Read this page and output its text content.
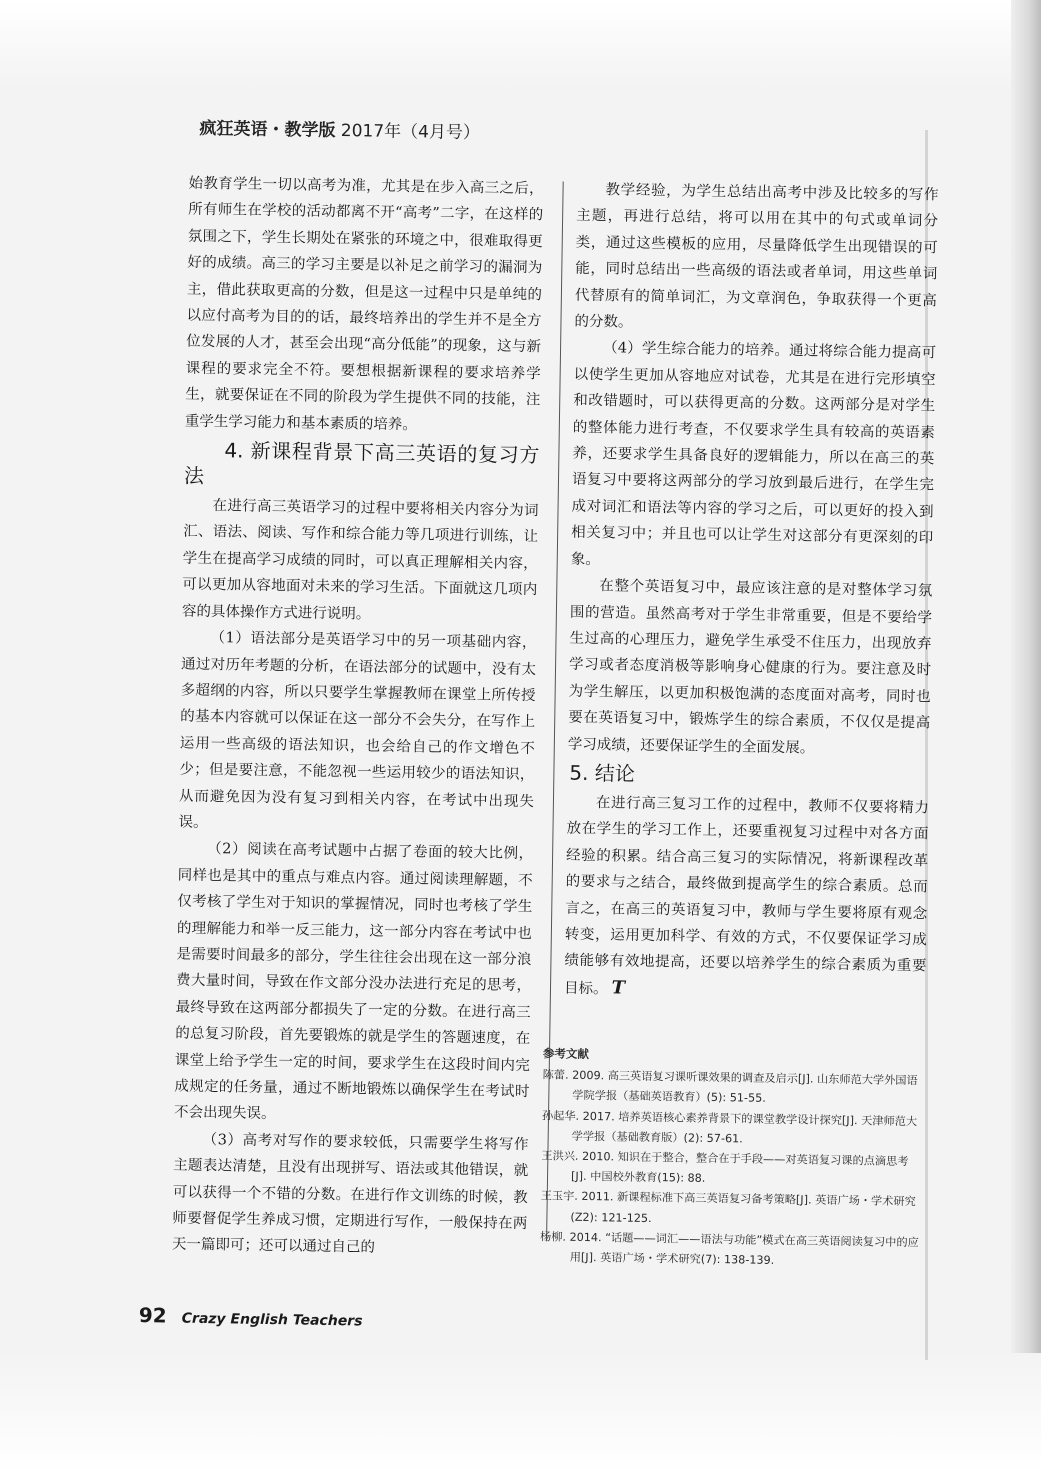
疯狂英语・教学版 2017年（4月号）

始教育学生一切以高考为准，尤其是在步入高三之后，所有师生在学校的活动都离不开“高考”二字，在这样的氛围之下，学生长期处在紧张的环境之中，很难取得更好的成绩。高三的学习主要是以补足之前学习的漏洞为主，借此获取更高的分数，但是这一过程中只是单纯的以应付高考为目的的话，最终培养出的学生并不是全方位发展的人才，甚至会出现“高分低能”的现象，这与新课程的要求完全不符。要想根据新课程的要求培养学生，就要保证在不同的阶段为学生提供不同的技能，注重学生学习能力和基本素质的培养。

4. 新课程背景下高三英语的复习方法

在进行高三英语学习的过程中要将相关内容分为词汇、语法、阅读、写作和综合能力等几项进行训练，让学生在提高学习成绩的同时，可以真正理解相关内容，可以更加从容地面对未来的学习生活。下面就这几项内容的具体操作方式进行说明。

（1）语法部分是英语学习中的另一项基础内容，通过对历年考题的分析，在语法部分的试题中，没有太多超纲的内容，所以只要学生掌握教师在课堂上所传授的基本内容就可以保证在这一部分不会失分，在写作上运用一些高级的语法知识，也会给自己的作文增色不少；但是要注意，不能忽视一些运用较少的语法知识，从而避免因为没有复习到相关内容，在考试中出现失误。

（2）阅读在高考试题中占据了卷面的较大比例，同样也是其中的重点与难点内容。通过阅读理解题，不仅考核了学生对于知识的掌握情况，同时也考核了学生的理解能力和举一反三能力，这一部分内容在考试中也是需要时间最多的部分，学生往往会出现在这一部分浪费大量时间，导致在作文部分没办法进行充足的思考，最终导致在这两部分都损失了一定的分数。在进行高三的总复习阶段，首先要锻炼的就是学生的答题速度，在课堂上给予学生一定的时间，要求学生在这段时间内完成规定的任务量，通过不断地锻炼以确保学生在考试时不会出现失误。

（3）高考对写作的要求较低，只需要学生将写作主题表达清楚，且没有出现拼写、语法或其他错误，就可以获得一个不错的分数。在进行作文训练的时候，教师要督促学生养成习惯，定期进行写作，一般保持在两天一篇即可；还可以通过自己的

教学经验，为学生总结出高考中涉及比较多的写作主题，再进行总结，将可以用在其中的句式或单词分类，通过这些模板的应用，尽量降低学生出现错误的可能，同时总结出一些高级的语法或者单词，用这些单词代替原有的简单词汇，为文章润色，争取获得一个更高的分数。

（4）学生综合能力的培养。通过将综合能力提高可以使学生更加从容地应对试卷，尤其是在进行完形填空和改错题时，可以获得更高的分数。这两部分是对学生的整体能力进行考查，不仅要求学生具有较高的英语素养，还要求学生具备良好的逻辑能力，所以在高三的英语复习中要将这两部分的学习放到最后进行，在学生完成对词汇和语法等内容的学习之后，可以更好的投入到相关复习中；并且也可以让学生对这部分有更深刻的印象。

在整个英语复习中，最应该注意的是对整体学习氛围的营造。虽然高考对于学生非常重要，但是不要给学生过高的心理压力，避免学生承受不住压力，出现放弃学习或者态度消极等影响身心健康的行为。要注意及时为学生解压，以更加积极饱满的态度面对高考，同时也要在英语复习中，锻炼学生的综合素质，不仅仅是提高学习成绩，还要保证学生的全面发展。

5. 结论

在进行高三复习工作的过程中，教师不仅要将精力放在学生的学习工作上，还要重视复习过程中对各方面经验的积累。结合高三复习的实际情况，将新课程改革的要求与之结合，最终做到提高学生的综合素质。总而言之，在高三的英语复习中，教师与学生要将原有观念转变，运用更加科学、有效的方式，不仅要保证学习成绩能够有效地提高，还要以培养学生的综合素质为重要目标。 T

参考文献
陈蕾. 2009. 高三英语复习课听课效果的调查及启示[J]. 山东师范大学外国语学院学报（基础英语教育）(5): 51-55.
孙起华. 2017. 培养英语核心素养背景下的课堂教学设计探究[J]. 天津师范大学学报（基础教育版）(2): 57-61.
王洪兴. 2010. 知识在于整合，整合在于手段——对英语复习课的点滴思考[J]. 中国校外教育(15): 88.
王玉宇. 2011. 新课程标准下高三英语复习备考策略[J]. 英语广场・学术研究(Z2): 121-125.
杨柳. 2014. “话题——词汇——语法与功能”模式在高三英语阅读复习中的应用[J]. 英语广场・学术研究(7): 138-139.
92 Crazy English Teachers
